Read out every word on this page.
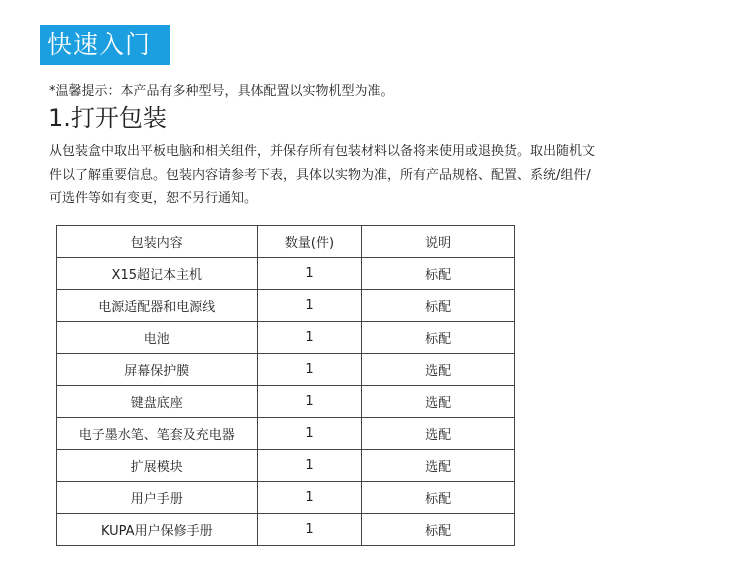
快速入门
*温馨提示：本产品有多种型号，具体配置以实物机型为准。
1.打开包装

从包装盒中取出平板电脑和相关组件，并保存所有包装材料以备将来使用或退换货。取出随机文

件以了解重要信息。包装内容请参考下表，具体以实物为准，所有产品规格、配置、系统/组件/

可选件等如有变更，恕不另行通知。

包装内容	数量(件)	说明
X15超记本主机	1	标配
电源适配器和电源线	1	标配
电池	1	标配
屏幕保护膜	1	选配
键盘底座	1	选配
电子墨水笔、笔套及充电器	1	选配
扩展模块	1	选配
用户手册	1	标配
KUPA用户保修手册	1	标配
